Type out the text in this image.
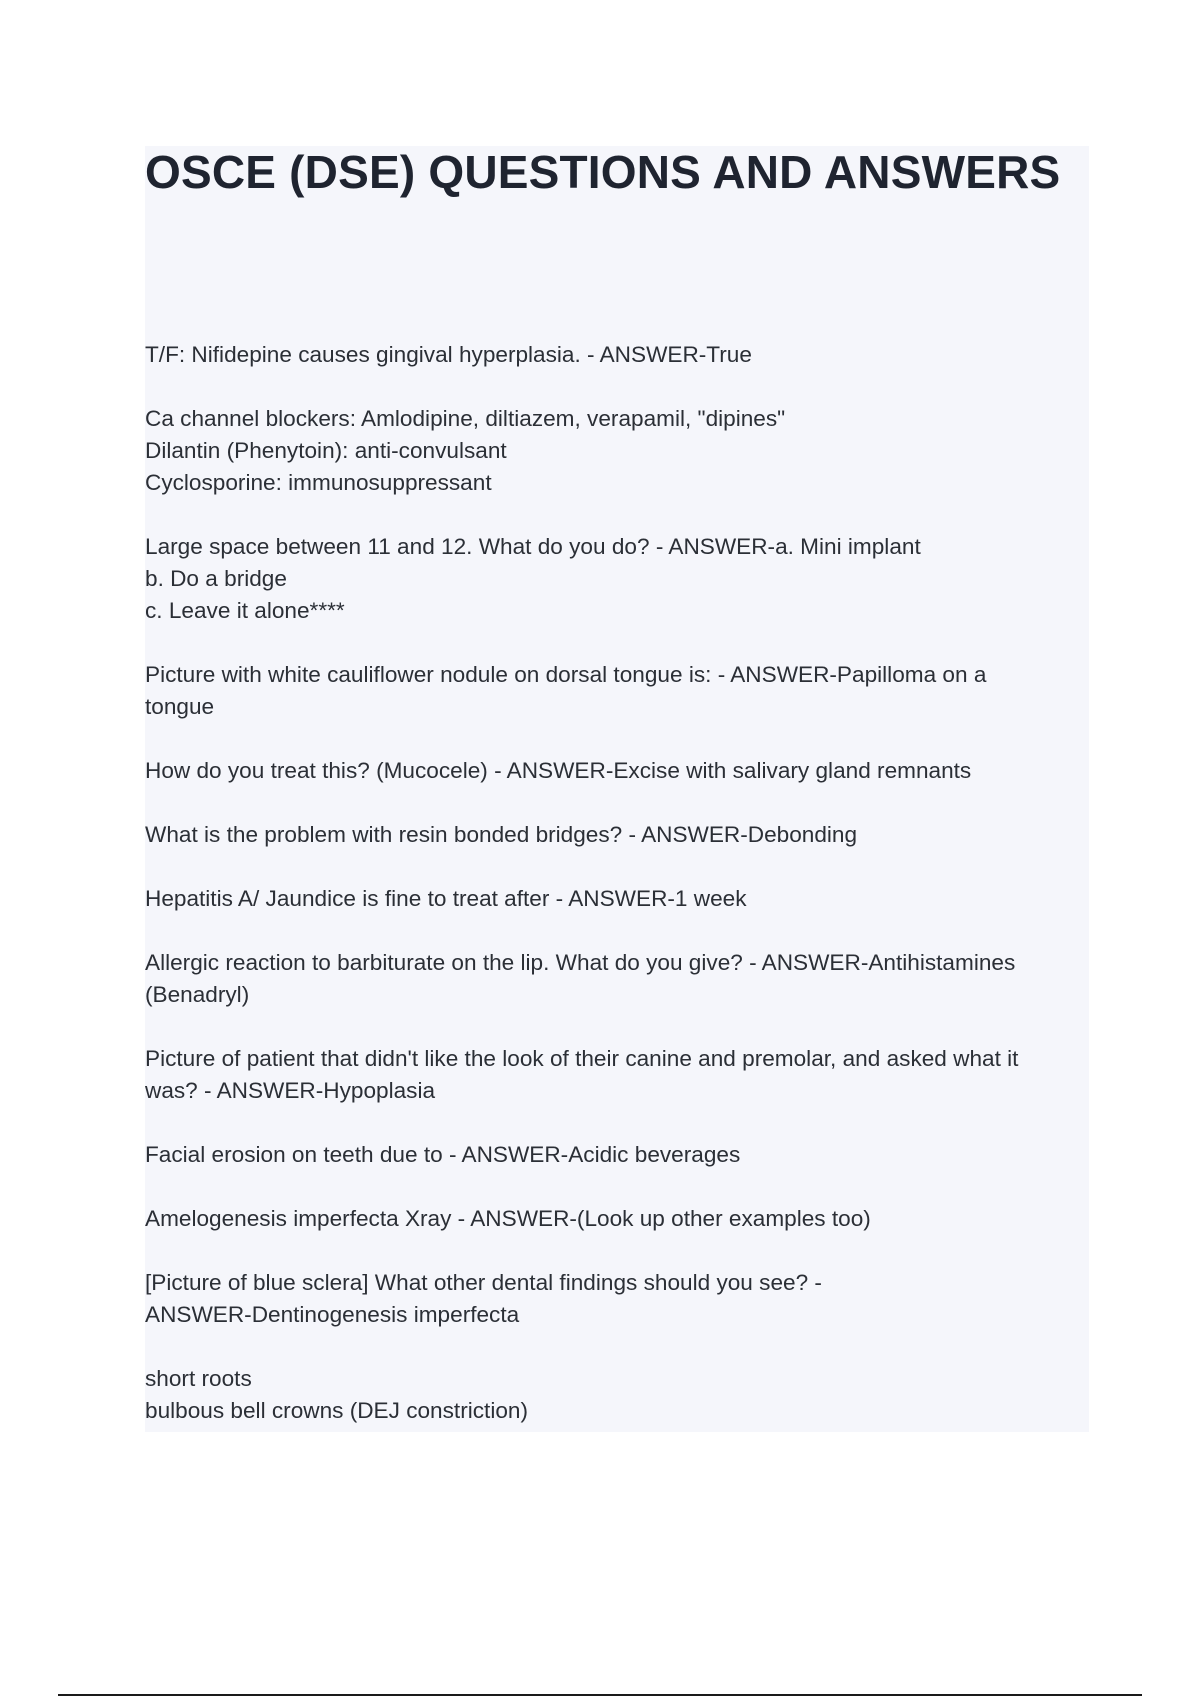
OSCE (DSE) QUESTIONS AND ANSWERS
T/F: Nifidepine causes gingival hyperplasia. - ANSWER-True
Ca channel blockers: Amlodipine, diltiazem, verapamil, "dipines"
Dilantin (Phenytoin): anti-convulsant
Cyclosporine: immunosuppressant
Large space between 11 and 12. What do you do? - ANSWER-a. Mini implant
b. Do a bridge
c. Leave it alone****
Picture with white cauliflower nodule on dorsal tongue is: - ANSWER-Papilloma on a
tongue
How do you treat this? (Mucocele) - ANSWER-Excise with salivary gland remnants
What is the problem with resin bonded bridges? - ANSWER-Debonding
Hepatitis A/ Jaundice is fine to treat after - ANSWER-1 week
Allergic reaction to barbiturate on the lip. What do you give? - ANSWER-Antihistamines
(Benadryl)
Picture of patient that didn't like the look of their canine and premolar, and asked what it
was? - ANSWER-Hypoplasia
Facial erosion on teeth due to - ANSWER-Acidic beverages
Amelogenesis imperfecta Xray - ANSWER-(Look up other examples too)
[Picture of blue sclera] What other dental findings should you see? -
ANSWER-Dentinogenesis imperfecta
short roots
bulbous bell crowns (DEJ constriction)
